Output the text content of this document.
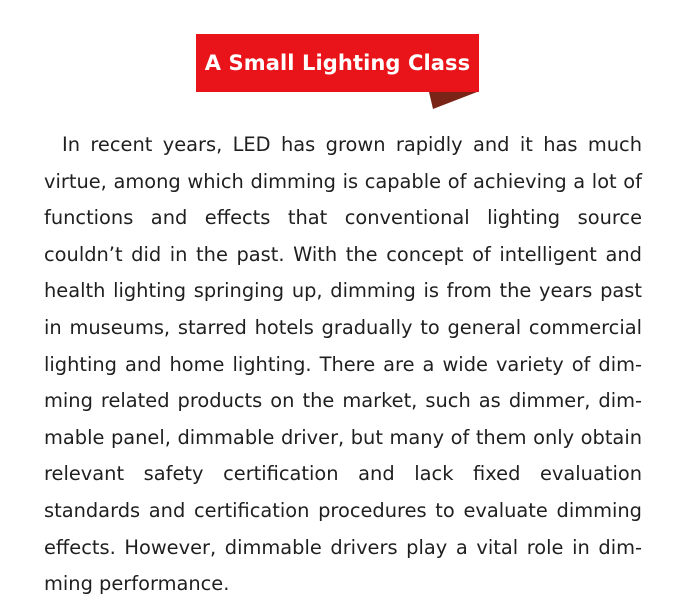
A Small Lighting Class

In recent years, LED has grown rapidly and it has much virtue, among which dimming is capable of achieving a lot of functions and effects that conventional lighting source couldn’t did in the past. With the concept of intelligent and health lighting springing up, dimming is from the years past in museums, starred hotels gradually to general commercial lighting and home lighting. There are a wide variety of dimming related products on the market, such as dimmer, dimmable panel, dimmable driver, but many of them only obtain relevant safety certification and lack fixed evaluation standards and certification procedures to evaluate dimming effects. However, dimmable drivers play a vital role in dimming performance.
